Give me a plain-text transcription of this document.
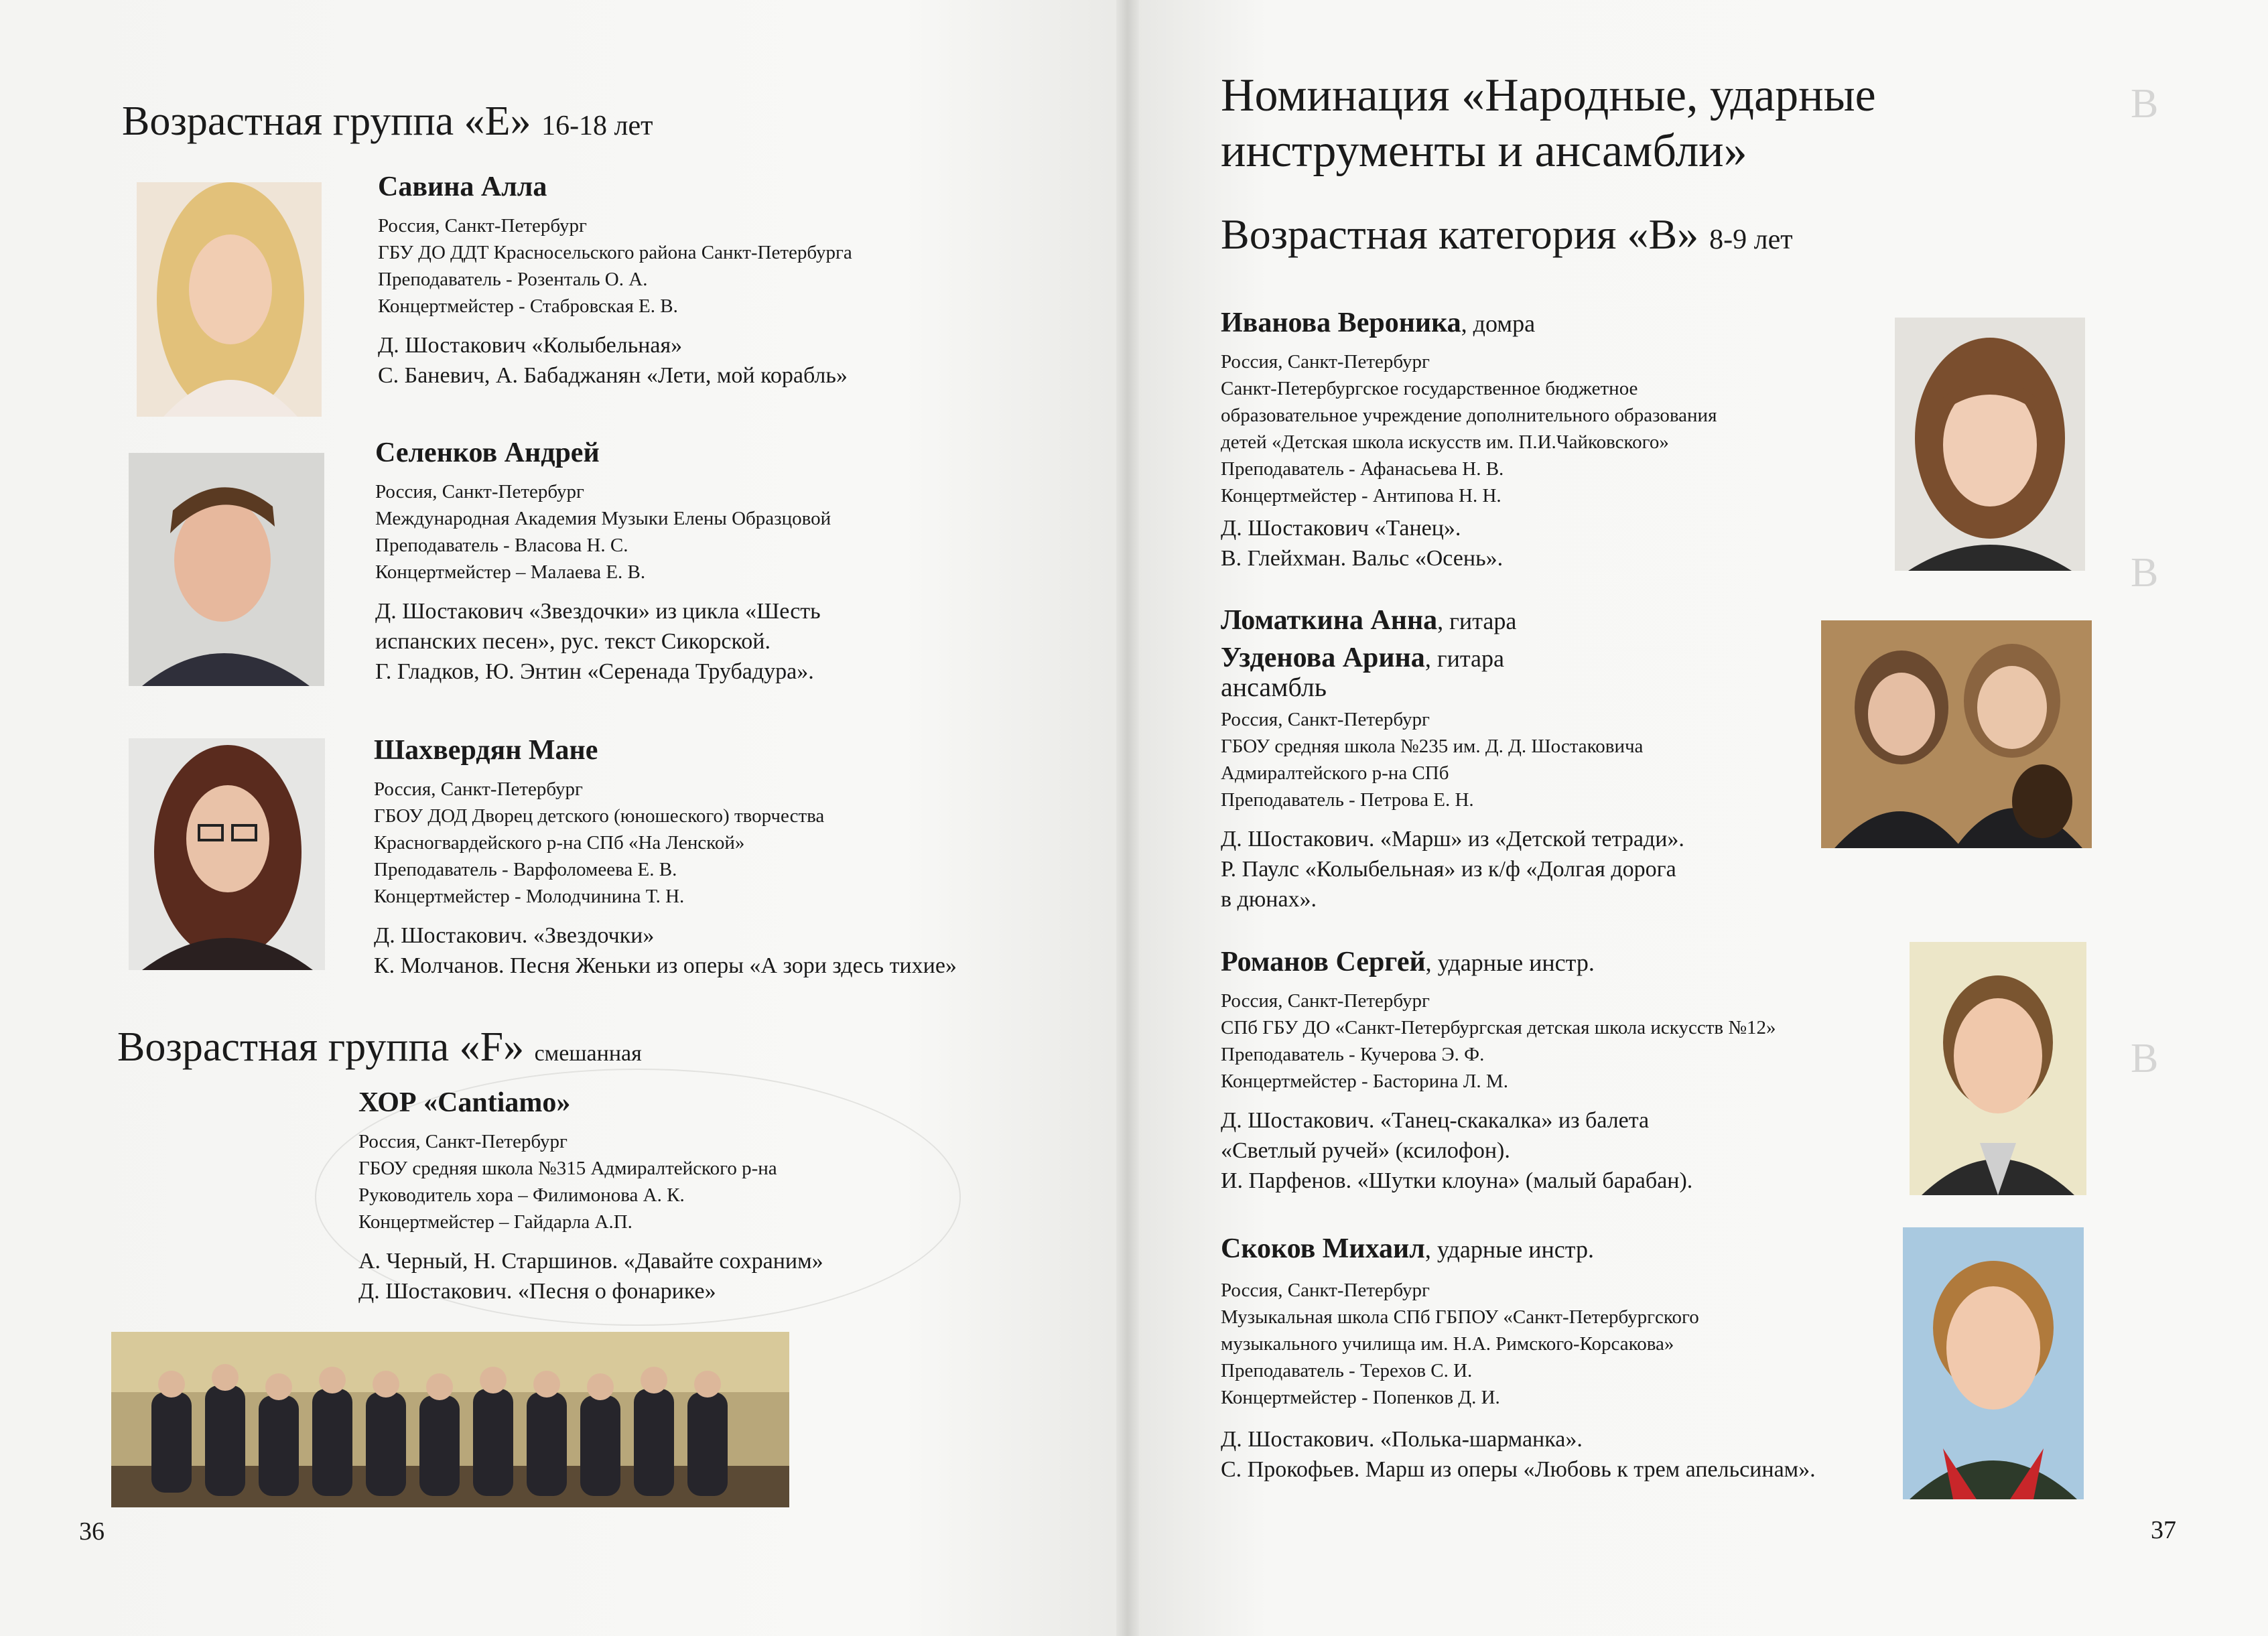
В
В
В
Возрастная группа «Е» 16-18 лет
Савина Алла
Россия, Санкт-Петербург
ГБУ ДО ДДТ Красносельского района Санкт-Петербурга
Преподаватель - Розенталь О. А.
Концертмейстер - Стабровская Е. В.
Д. Шостакович «Колыбельная»
С. Баневич, А. Бабаджанян «Лети, мой корабль»
Селенков Андрей
Россия, Санкт-Петербург
Международная Академия Музыки Елены Образцовой
Преподаватель - Власова Н. С.
Концертмейстер – Малаева Е. В.
Д. Шостакович «Звездочки» из цикла «Шесть
испанских песен», рус. текст Сикорской.
Г. Гладков, Ю. Энтин «Серенада Трубадура».
Шахвердян Мане
Россия, Санкт-Петербург
ГБОУ ДОД Дворец детского (юношеского) творчества
Красногвардейского р-на СПб «На Ленской»
Преподаватель - Варфоломеева Е. В.
Концертмейстер - Молодчинина Т. Н.
Д. Шостакович. «Звездочки»
К. Молчанов. Песня Женьки из оперы «А зори здесь тихие»
Возрастная группа «F» смешанная
ХОР «Cantiamo»
Россия, Санкт-Петербург
ГБОУ средняя школа №315 Адмиралтейского р-на
Руководитель хора – Филимонова А. К.
Концертмейстер – Гайдарла А.П.
А. Черный, Н. Старшинов. «Давайте сохраним»
Д. Шостакович. «Песня о фонарике»
36
Номинация «Народные, ударные
инструменты и ансамбли»
Возрастная категория «В» 8-9 лет
Иванова Вероника, домра
Россия, Санкт-Петербург
Санкт-Петербургское государственное бюджетное
образовательное учреждение дополнительного образования
детей «Детская школа искусств им. П.И.Чайковского»
Преподаватель - Афанасьева Н. В.
Концертмейстер - Антипова Н. Н.
Д. Шостакович «Танец».
В. Глейхман. Вальс «Осень».
Ломаткина Анна, гитара
Узденова Арина, гитара
ансамбль
Россия, Санкт-Петербург
ГБОУ средняя школа №235 им. Д. Д. Шостаковича
Адмиралтейского р-на СПб
Преподаватель - Петрова Е. Н.
Д. Шостакович. «Марш» из «Детской тетради».
Р. Паулс «Колыбельная» из к/ф «Долгая дорога
в дюнах».
Романов Сергей, ударные инстр.
Россия, Санкт-Петербург
СПб ГБУ ДО «Санкт-Петербургская детская школа искусств №12»
Преподаватель - Кучерова Э. Ф.
Концертмейстер - Басторина Л. М.
Д. Шостакович. «Танец-скакалка» из балета
«Светлый ручей» (ксилофон).
И. Парфенов. «Шутки клоуна» (малый барабан).
Скоков Михаил, ударные инстр.
Россия, Санкт-Петербург
Музыкальная школа СПб ГБПОУ «Санкт-Петербургского
музыкального училища им. Н.А. Римского-Корсакова»
Преподаватель - Терехов С. И.
Концертмейстер - Попенков Д. И.
Д. Шостакович. «Полька-шарманка».
С. Прокофьев. Марш из оперы «Любовь к трем апельсинам».
37
